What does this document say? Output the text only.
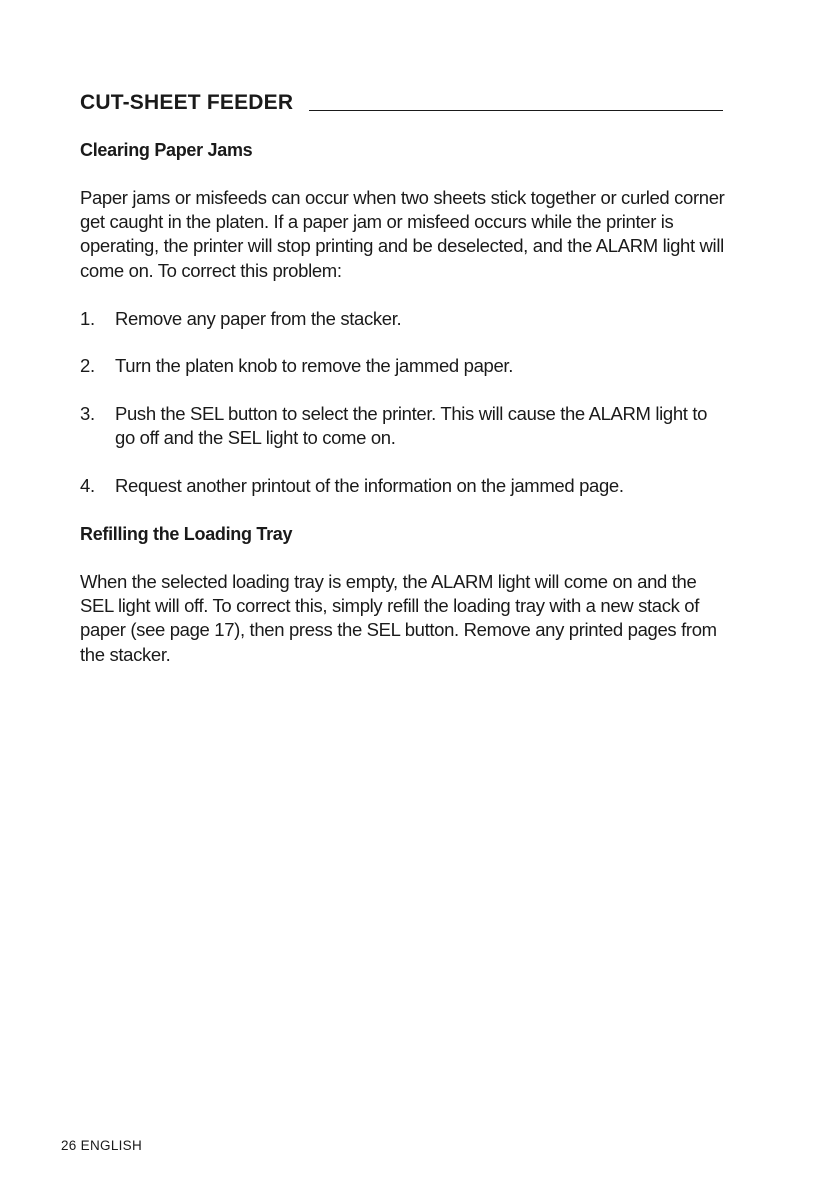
CUT-SHEET FEEDER
Clearing Paper Jams

Paper jams or misfeeds can occur when two sheets stick together or curled corner get caught in the platen. If a paper jam or misfeed occurs while the printer is operating, the printer will stop printing and be deselected, and the ALARM light will come on. To correct this problem:

1.	Remove any paper from the stacker.
2.	Turn the platen knob to remove the jammed paper.
3.	Push the SEL button to select the printer. This will cause the ALARM light to go off and the SEL light to come on.
4.	Request another printout of the information on the jammed page.
Refilling the Loading Tray

When the selected loading tray is empty, the ALARM light will come on and the SEL light will off. To correct this, simply refill the loading tray with a new stack of paper (see page 17), then press the SEL button. Remove any printed pages from the stacker.

26 ENGLISH
